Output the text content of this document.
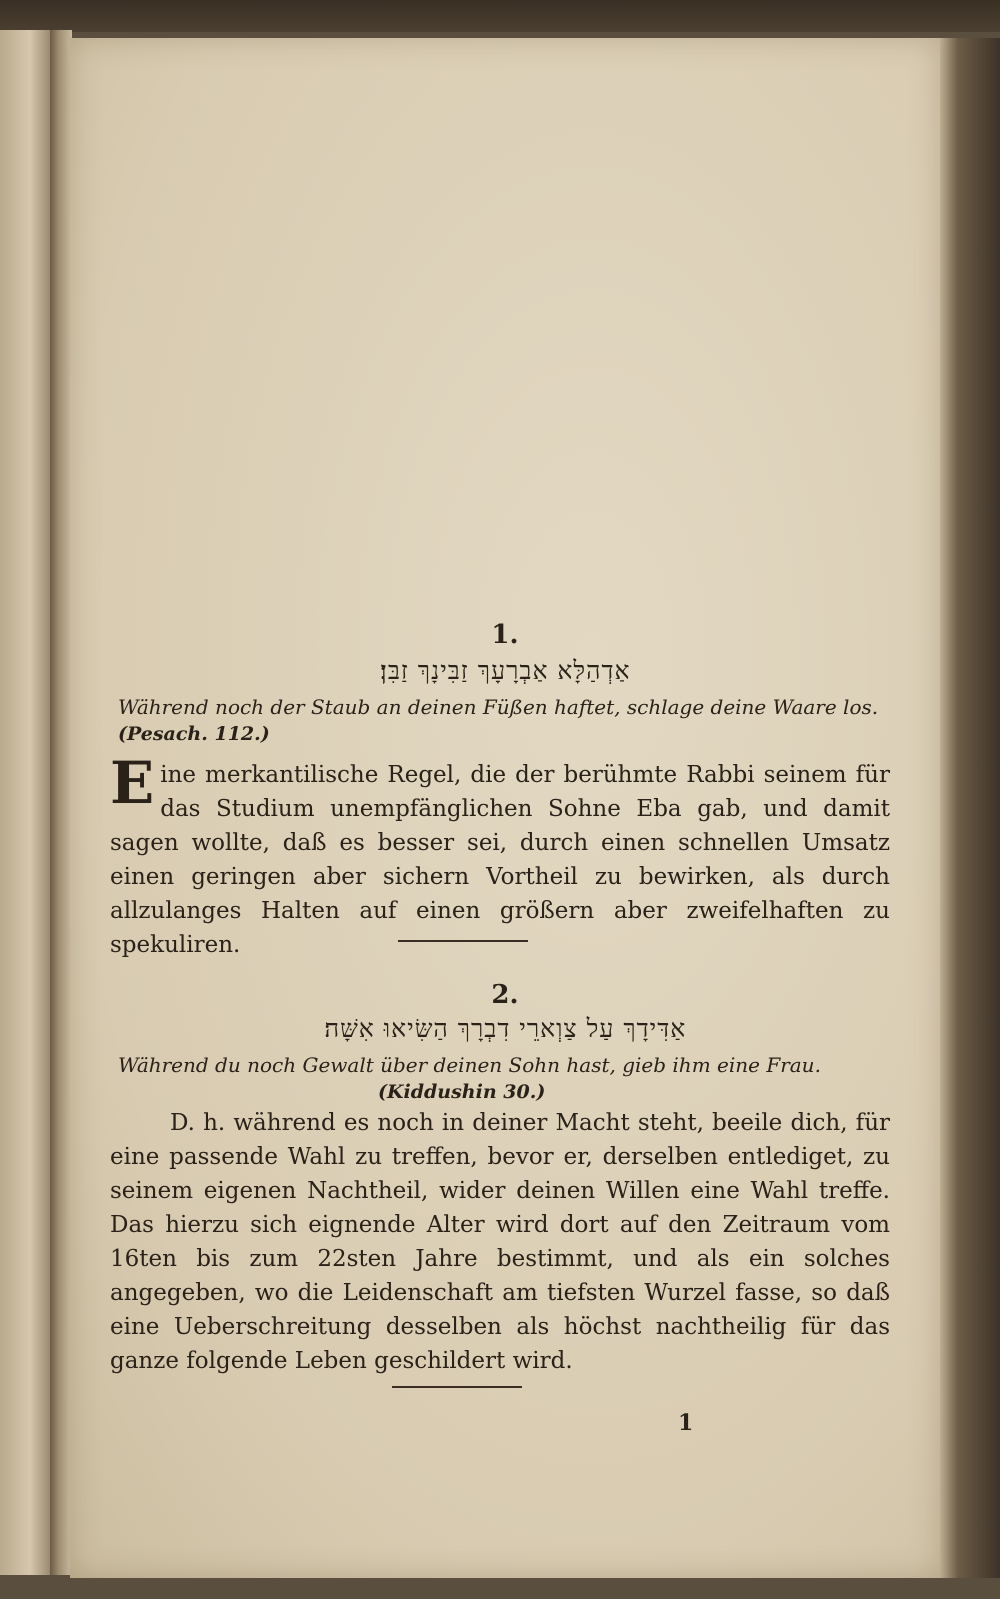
1.
אַדְהַלָּא אַבְרָעָךְ זַבִּינָךְ זַבִּן׃
Während noch der Staub an deinen Füßen haftet, schlage deine Waare los. (Pesach. 112.)
Eine merkantilische Regel, die der berühmte Rabbi seinem für das Studium unempfänglichen Sohne Eba gab, und damit sagen wollte, daß es besser sei, durch einen schnellen Umsatz einen geringen aber sichern Vortheil zu bewirken, als durch allzulanges Halten auf einen größern aber zweifelhaften zu spekuliren.
2.
אַדִּידָךְ עַל צַוְארֵי דִבְרָךְ הַשִּׂיאוּ אִשָּׁה׃
Während du noch Gewalt über deinen Sohn hast, gieb ihm eine Frau.
(Kiddushin 30.)
D. h. während es noch in deiner Macht steht, beeile dich, für eine passende Wahl zu treffen, bevor er, derselben entlediget, zu seinem eigenen Nachtheil, wider deinen Willen eine Wahl treffe. Das hierzu sich eignende Alter wird dort auf den Zeitraum vom 16ten bis zum 22sten Jahre bestimmt, und als ein solches angegeben, wo die Leidenschaft am tiefsten Wurzel fasse, so daß eine Ueberschreitung desselben als höchst nachtheilig für das ganze folgende Leben geschildert wird.
1
